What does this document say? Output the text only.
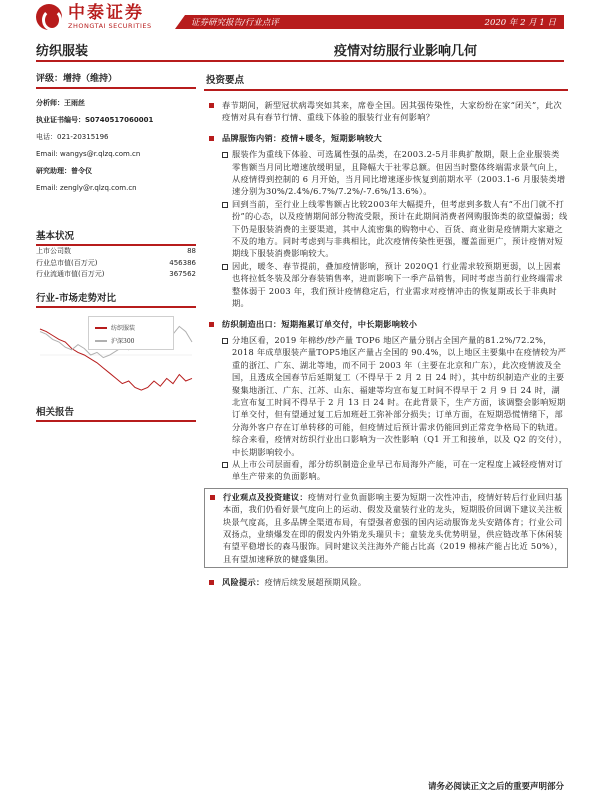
中泰证券
ZHONGTAI SECURITIES	证券研究报告/行业点评	2020 年 2 月 1 日
纺织服装	疫情对纺服行业影响几何
评级：增持（维持）
分析师：王雨丝
执业证书编号：S0740517060001
电话：021-20315196
Email: wangys@r.qlzq.com.cn
研究助理：曾令仪
Email: zengly@r.qlzq.com.cn
基本状况
上市公司数	88
行业总市值(百万元)	456386
行业流通市值(百万元)	367562
行业-市场走势对比
纺织服装
沪深300
相关报告
投资要点
春节期间，新型冠状病毒突如其来，席卷全国。因其强传染性，大家纷纷在家“闭关”，此次疫情对具有春节行情、重线下体验的服装行业有何影响？
品牌服饰内销：疫情+暖冬，短期影响较大
服装作为重线下体验、可选属性强的品类，在2003.2-5月非典扩散期，限上企业服装类零售额当月同比增速放缓明显，且降幅大于社零总额。但因当时整体终端需求景气向上，从疫情得到控制的 6 月开始，当月同比增速逐步恢复到前期水平（2003.1-6 月服装类增速分别为30%/2.4%/6.7%/7.2%/-7.6%/13.6%）。
回到当前，至行业上线零售额占比较2003年大幅提升，但考虑到多数人有“不出门就不打扮”的心态，以及疫情期间部分物流受限，预计在此期间消费者网购服饰类的欲望偏弱；线下仍是服装消费的主要渠道，其中人流密集的购物中心、百货、商业街是疫情期大家避之不及的地方。同时考虑到与非典相比，此次疫情传染性更强，覆盖面更广，预计疫情对短期线下服装消费影响较大。
因此，暖冬、春节提前，叠加疫情影响，预计 2020Q1 行业需求较预期更弱，以上因素也将拉低冬装及部分春装销售率，进而影响下一季产品销售，同时考虑当前行业终端需求整体弱于 2003 年，我们预计疫情稳定后，行业需求对疫情冲击的恢复期或长于非典时期。
纺织制造出口：短期拖累订单交付，中长期影响较小
分地区看，2019 年棉纱/纱产量 TOP6 地区产量分别占全国产量的81.2%/72.2%，2018 年成草服装产量TOP5地区产量占全国的 90.4%，以上地区主要集中在疫情较为严重的浙江、广东、湖北等地，而不同于 2003 年（主要在北京和广东），此次疫情波及全国，且透成全国春节后延期复工（不得早于 2 月 2 日 24 时），其中纺织制造产业的主要聚集地浙江、广东、江苏、山东、福建等均宣布复工时间不得早于 2 月 9 日 24 时，湖北宣布复工时间不得早于 2 月 13 日 24 时。在此背景下，生产方面，该调整会影响短期订单交付，但有望通过复工后加班赶工弥补部分损失；订单方面，在短期恐慌情绪下，部分海外客户存在订单转移的可能，但疫情过后预计需求仍能回到正常竞争格局下的轨道。综合来看，疫情对纺织行业出口影响为一次性影响（Q1 开工和接单，以及 Q2 的交付），中长期影响较小。
从上市公司层面看，部分纺织制造企业早已布局海外产能，可在一定程度上减轻疫情对订单生产带来的负面影响。
行业观点及投资建议：疫情对行业负面影响主要为短期一次性冲击，疫情好转后行业回归基本面，我们仍看好景气度向上的运动、假发及童装行业的龙头，短期股价回调下建议关注板块景气度高，且多品牌全渠道布局，有望强者愈强的国内运动服饰龙头安踏体育；行业公司双扬点，业绩爆发在即的假发内外销龙头瑞贝卡；童装龙头优势明显，供应链改革下休闲装有望平稳增长的森马服饰。同时建议关注海外产能占比高（2019 棉袜产能占比近 50%），且有望加速释放的健盛集团。
风险提示：疫情后续发展超预期风险。
请务必阅读正文之后的重要声明部分
